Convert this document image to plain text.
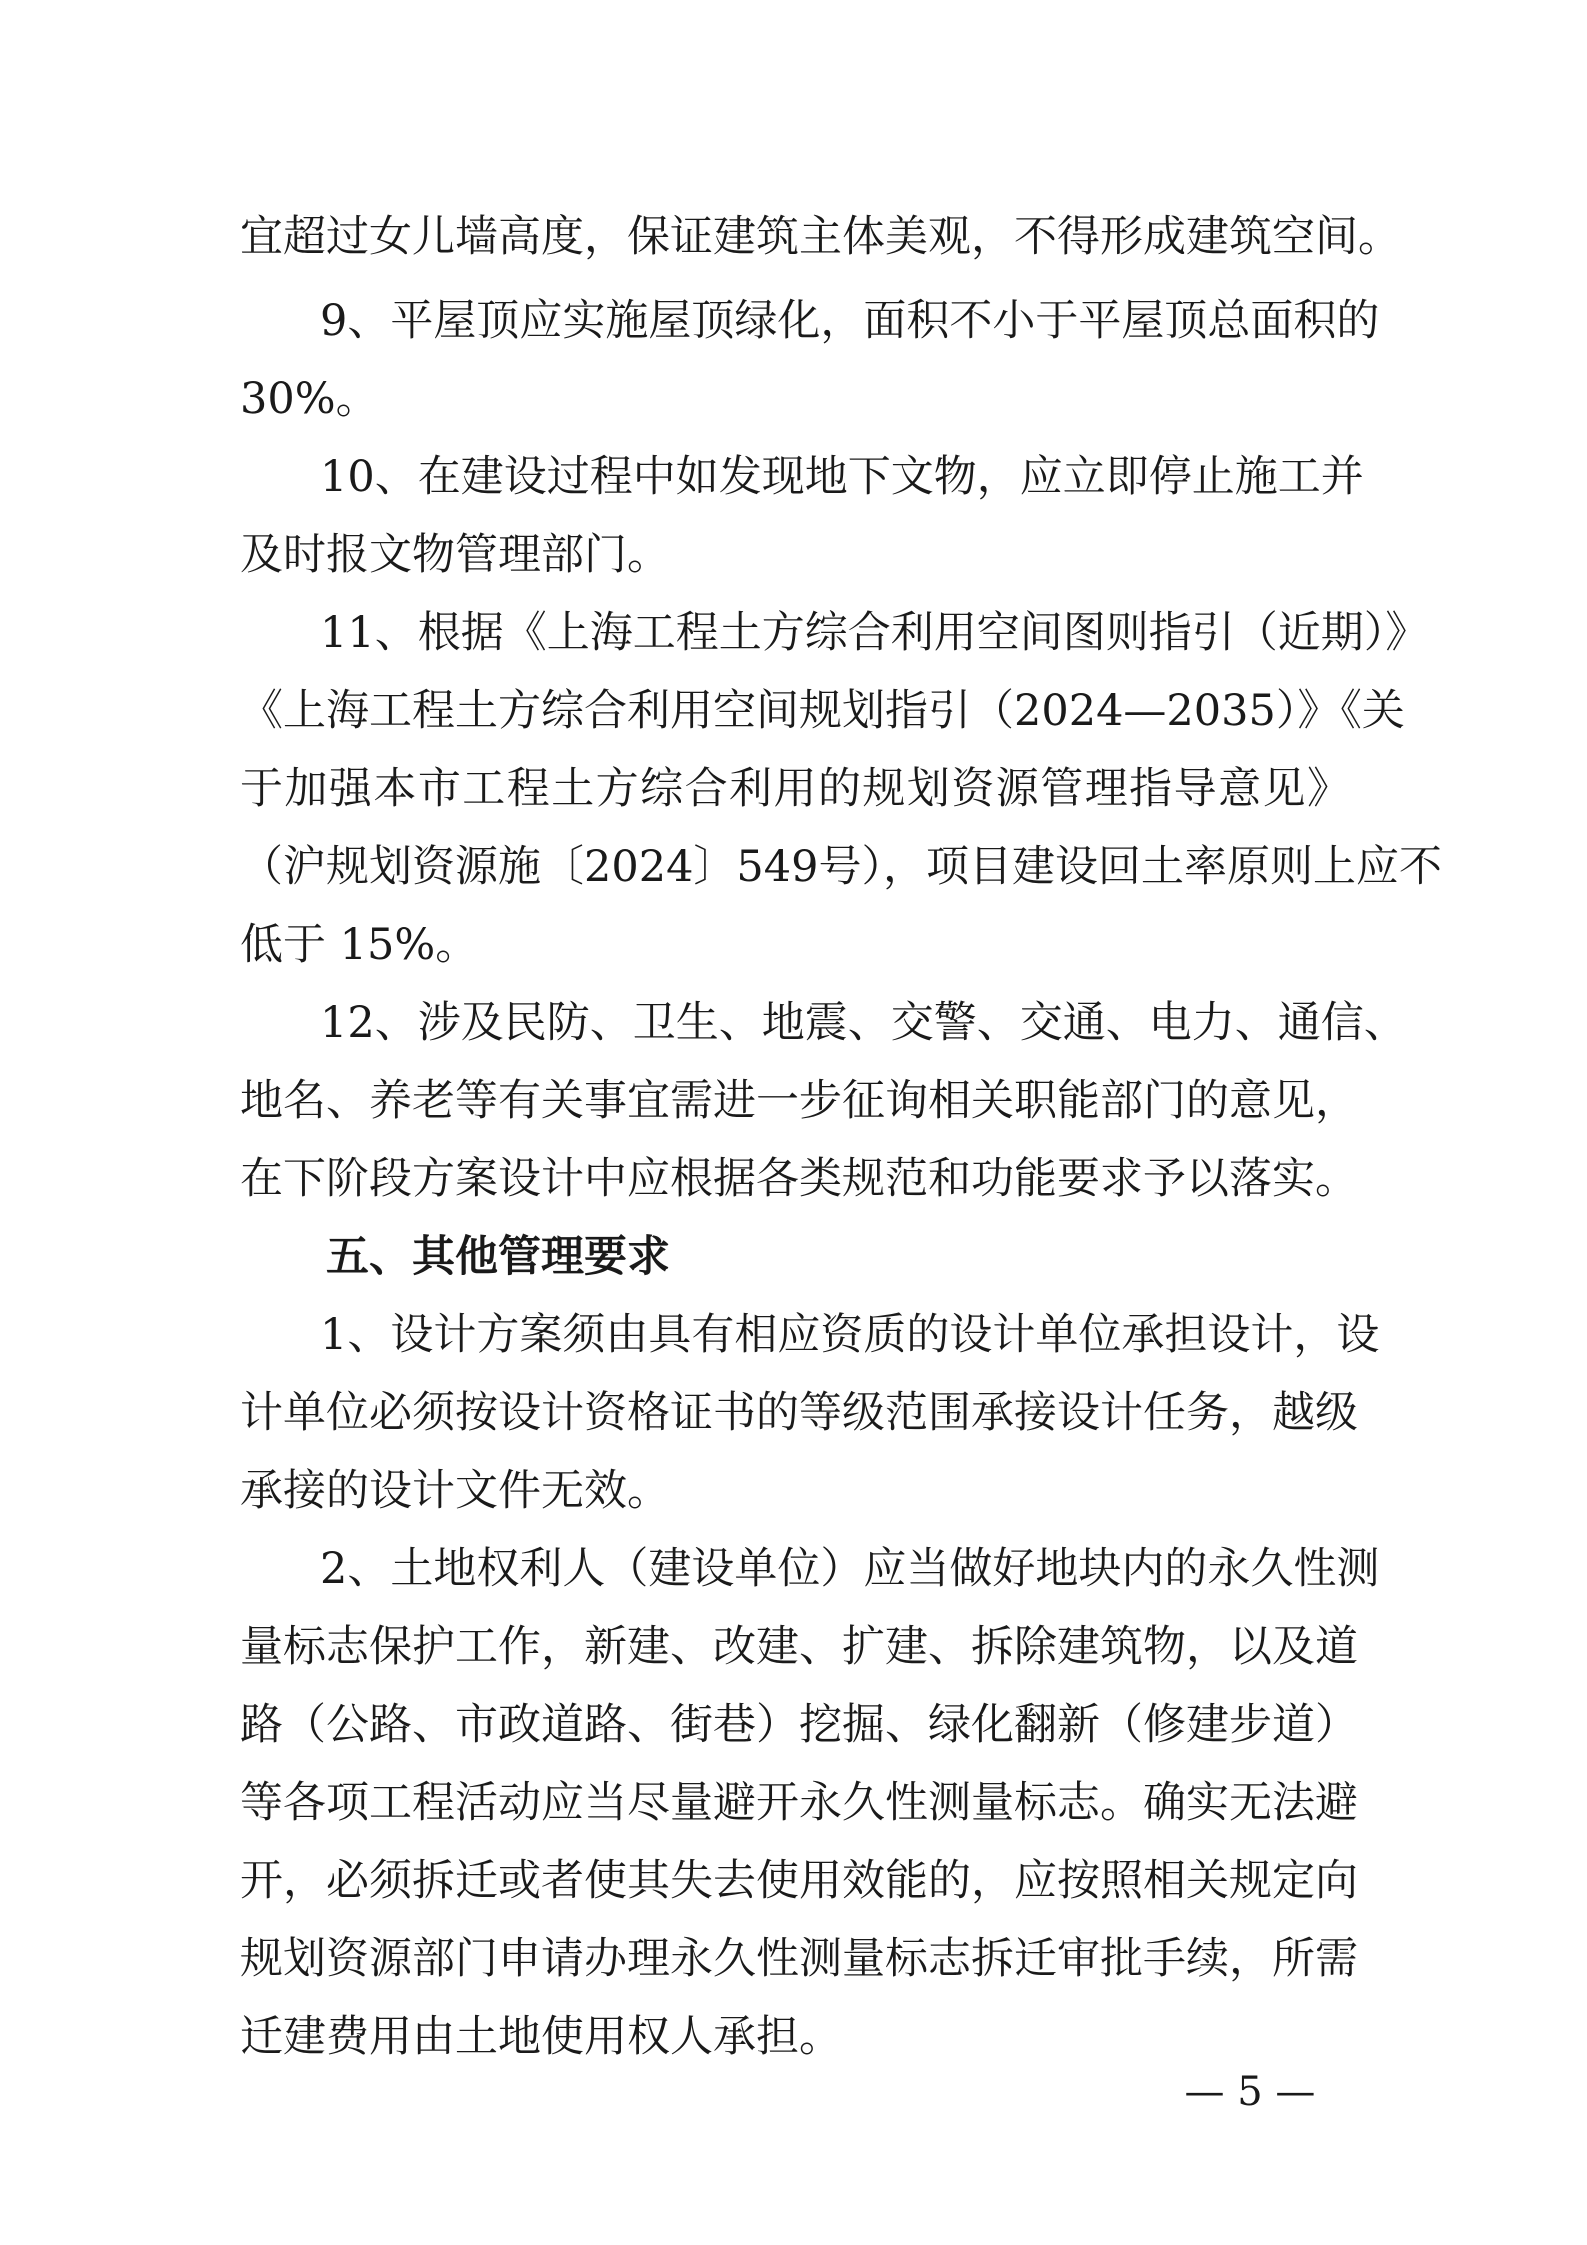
宜超过女儿墙高度，保证建筑主体美观，不得形成建筑空间。
9、平屋顶应实施屋顶绿化，面积不小于平屋顶总面积的
30%。
10、在建设过程中如发现地下文物，应立即停止施工并
及时报文物管理部门。
11、根据《上海工程土方综合利用空间图则指引（近期）》
《上海工程土方综合利用空间规划指引（2024—2035）》《关
于加强本市工程土方综合利用的规划资源管理指导意见》
（沪规划资源施〔2024〕549号），项目建设回土率原则上应不
低于 15%。
12、涉及民防、卫生、地震、交警、交通、电力、通信、
地名、养老等有关事宜需进一步征询相关职能部门的意见，
在下阶段方案设计中应根据各类规范和功能要求予以落实。
五、其他管理要求
1、设计方案须由具有相应资质的设计单位承担设计，设
计单位必须按设计资格证书的等级范围承接设计任务，越级
承接的设计文件无效。
2、土地权利人（建设单位）应当做好地块内的永久性测
量标志保护工作，新建、改建、扩建、拆除建筑物，以及道
路（公路、市政道路、街巷）挖掘、绿化翻新（修建步道）
等各项工程活动应当尽量避开永久性测量标志。确实无法避
开，必须拆迁或者使其失去使用效能的，应按照相关规定向
规划资源部门申请办理永久性测量标志拆迁审批手续，所需
迁建费用由土地使用权人承担。
— 5 —
